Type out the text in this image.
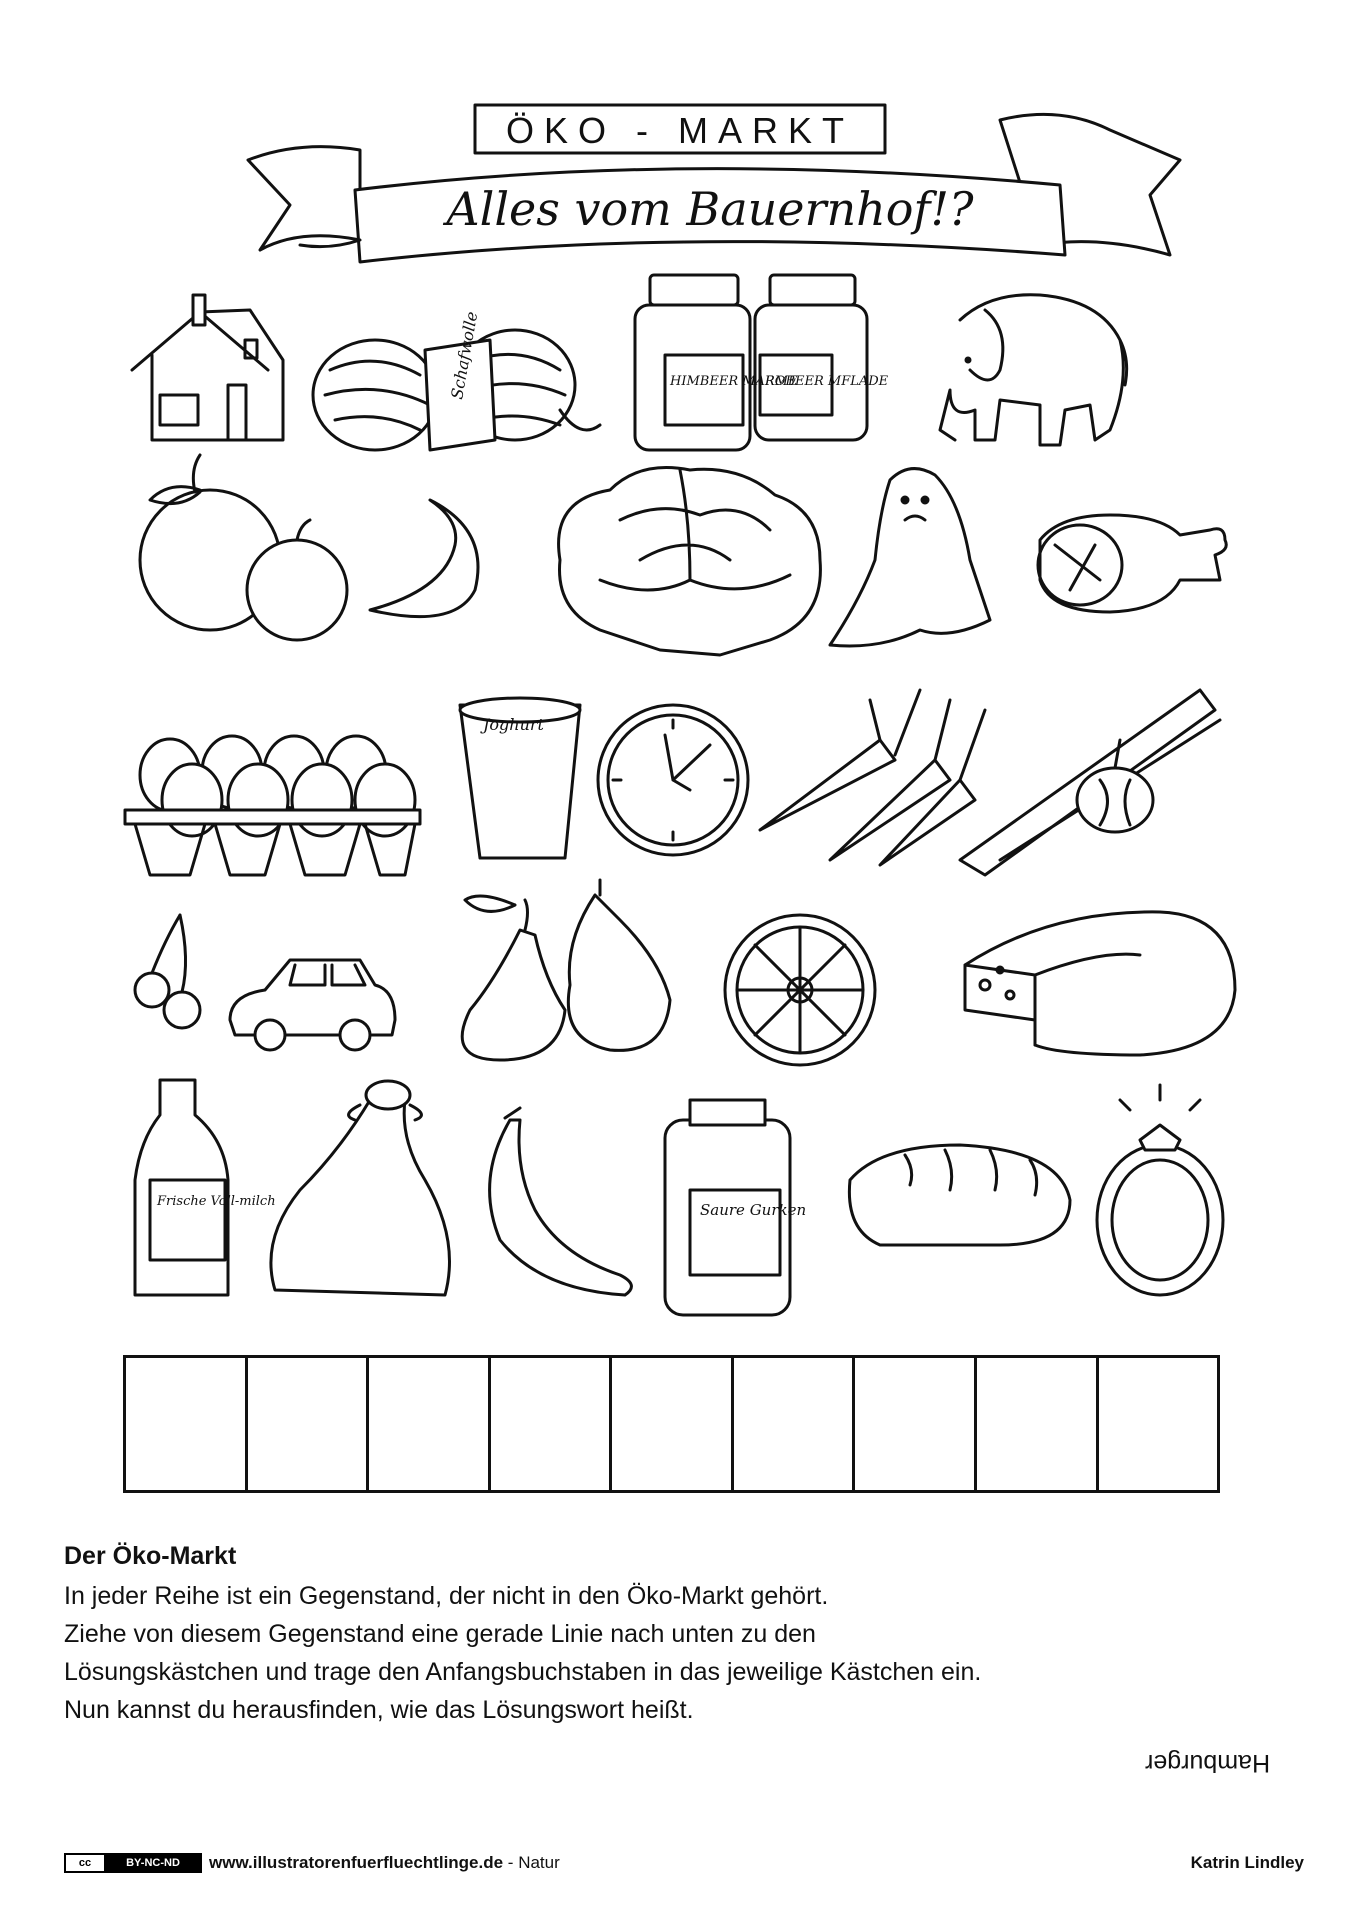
ÖKO - MARKT
Alles vom Bauernhof!?
Schafwolle	HIMBEER MARME
ROBEER MFLADE
Joghurt
Frische Voll-milch	Saure Gurken
Der Öko-Markt

In jeder Reihe ist ein Gegenstand, der nicht in den Öko-Markt gehört.

Ziehe von diesem Gegenstand eine gerade Linie nach unten zu den

Lösungskästchen und trage den Anfangsbuchstaben in das jeweilige Kästchen ein.

Nun kannst du herausfinden, wie das Lösungswort heißt.

Hamburger
cc	BY-NC-ND	www.illustratorenfuerfluechtlinge.de - Natur	Katrin Lindley
